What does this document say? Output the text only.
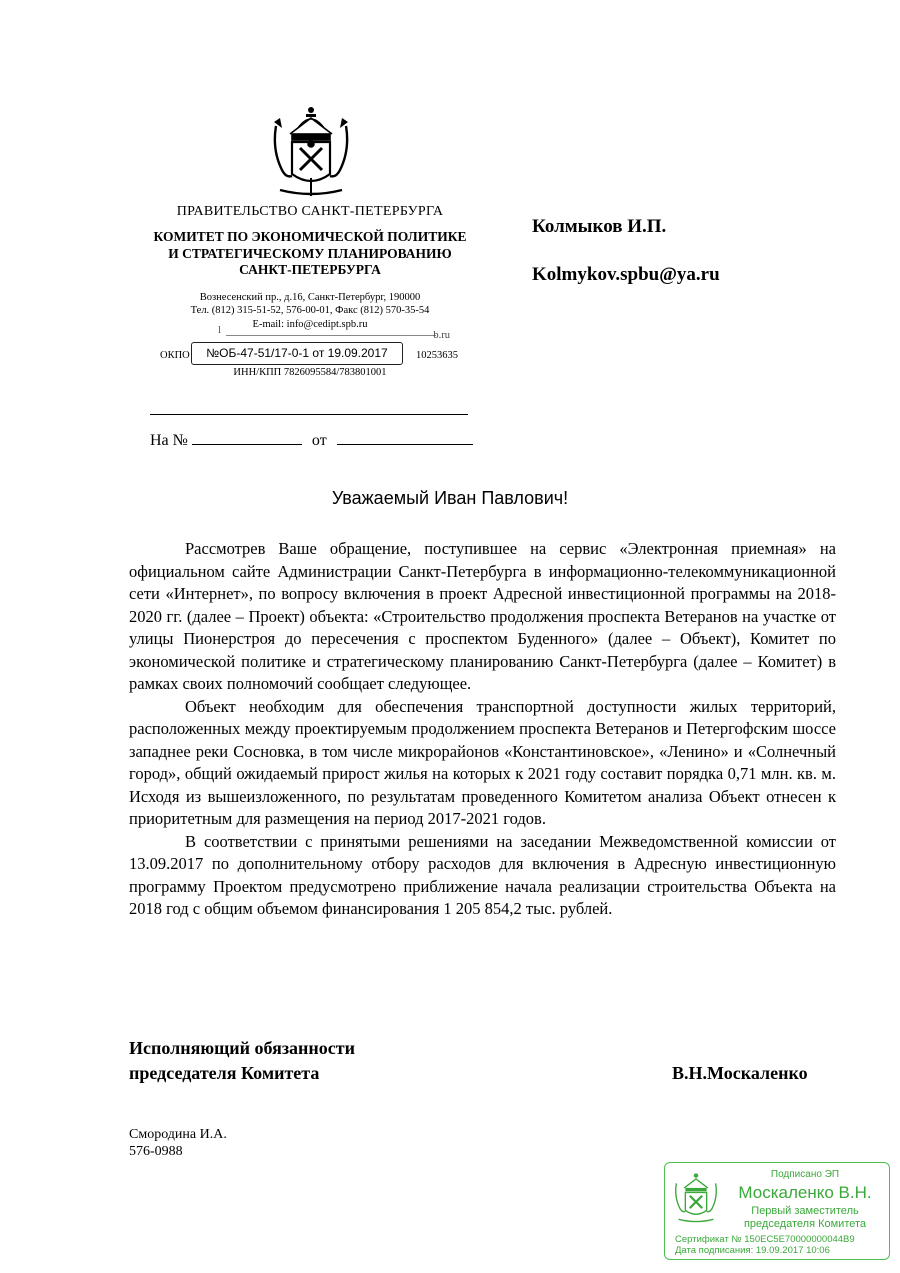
ПРАВИТЕЛЬСТВО САНКТ-ПЕТЕРБУРГА
КОМИТЕТ ПО ЭКОНОМИЧЕСКОЙ ПОЛИТИКЕ
И СТРАТЕГИЧЕСКОМУ ПЛАНИРОВАНИЮ
САНКТ-ПЕТЕРБУРГА
Вознесенский пр., д.16, Санкт-Петербург, 190000
Тел. (812) 315-51-52, 576-00-01, Факс (812) 570-35-54
E-mail: info@cedipt.spb.ru
l	b.ru
ОКПО	10253635
№ОБ-47-51/17-0-1 от 19.09.2017
ИНН/КПП 7826095584/783801001
На №	от
Колмыков И.П.
Kolmykov.spbu@ya.ru
Уважаемый Иван Павлович!

Рассмотрев Ваше обращение, поступившее на сервис «Электронная приемная» на официальном сайте Администрации Санкт-Петербурга в информационно-телекоммуникационной сети «Интернет», по вопросу включения в проект Адресной инвестиционной программы на 2018-2020 гг. (далее – Проект) объекта: «Строительство продолжения проспекта Ветеранов на участке от улицы Пионерстроя до пересечения с проспектом Буденного» (далее – Объект), Комитет по экономической политике и стратегическому планированию Санкт-Петербурга (далее – Комитет) в рамках своих полномочий сообщает следующее.

Объект необходим для обеспечения транспортной доступности жилых территорий, расположенных между проектируемым продолжением проспекта Ветеранов и Петергофским шоссе западнее реки Сосновка, в том числе микрорайонов «Константиновское», «Ленино» и «Солнечный город», общий ожидаемый прирост жилья на которых к 2021 году составит порядка 0,71 млн. кв. м. Исходя из вышеизложенного, по результатам проведенного Комитетом анализа Объект отнесен к приоритетным для размещения на период 2017-2021 годов.

В соответствии с принятыми решениями на заседании Межведомственной комиссии от 13.09.2017 по дополнительному отбору расходов для включения в Адресную инвестиционную программу Проектом предусмотрено приближение начала реализации строительства Объекта на 2018 год с общим объемом финансирования 1 205 854,2 тыс. рублей.

Исполняющий обязанности
председателя Комитета	В.Н.Москаленко
Смородина И.А.
576-0988
Подписано ЭП
Москаленко В.Н.
Первый заместитель
председателя Комитета
Сертификат № 150EC5E70000000044B9
Дата подписания: 19.09.2017 10:06
